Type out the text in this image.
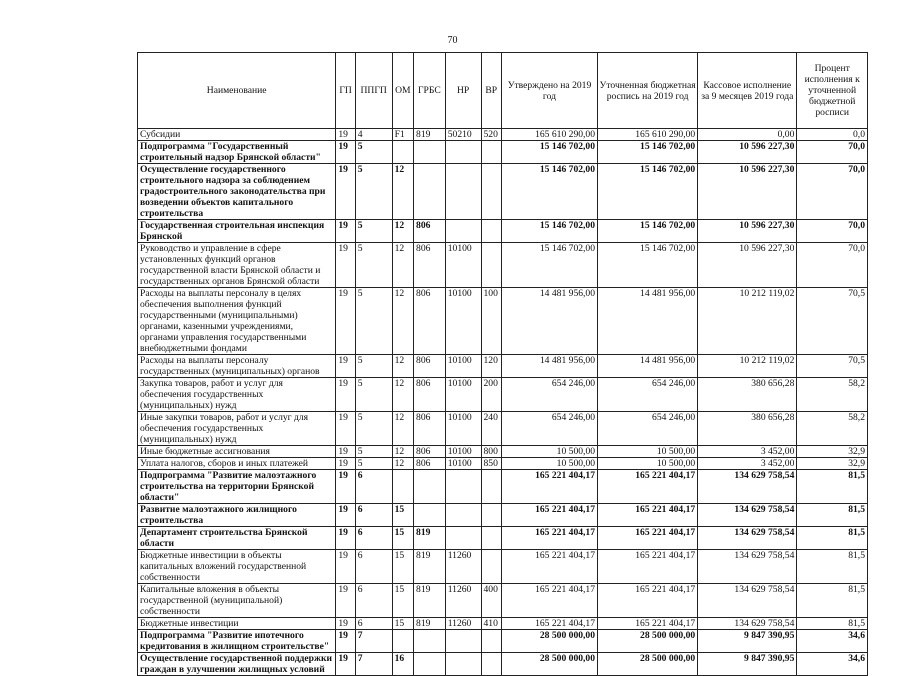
70
Наименование	ГП	ППГП	ОМ	ГРБС	НР	ВР	Утверждено на 2019 год	Уточненная бюджетная роспись на 2019 год	Кассовое исполнение за 9 месяцев 2019 года	Процент исполнения к уточненной бюджетной росписи
Субсидии	19	4	F1	819	50210	520	165 610 290,00	165 610 290,00	0,00	0,0
Подпрограмма "Государственный строительный надзор Брянской области"	19	5					15 146 702,00	15 146 702,00	10 596 227,30	70,0
Осуществление государственного строительного надзора за соблюдением градостроительного законодательства при возведении объектов капитального строительства	19	5	12				15 146 702,00	15 146 702,00	10 596 227,30	70,0
Государственная строительная инспекция Брянской	19	5	12	806			15 146 702,00	15 146 702,00	10 596 227,30	70,0
Руководство и управление в сфере установленных функций органов государственной власти Брянской области и государственных органов Брянской области	19	5	12	806	10100		15 146 702,00	15 146 702,00	10 596 227,30	70,0
Расходы на выплаты персоналу в целях обеспечения выполнения функций государственными (муниципальными) органами, казенными учреждениями, органами управления государственными внебюджетными фондами	19	5	12	806	10100	100	14 481 956,00	14 481 956,00	10 212 119,02	70,5
Расходы на выплаты персоналу государственных (муниципальных) органов	19	5	12	806	10100	120	14 481 956,00	14 481 956,00	10 212 119,02	70,5
Закупка товаров, работ и услуг для обеспечения государственных (муниципальных) нужд	19	5	12	806	10100	200	654 246,00	654 246,00	380 656,28	58,2
Иные закупки товаров, работ и услуг для обеспечения государственных (муниципальных) нужд	19	5	12	806	10100	240	654 246,00	654 246,00	380 656,28	58,2
Иные бюджетные ассигнования	19	5	12	806	10100	800	10 500,00	10 500,00	3 452,00	32,9
Уплата налогов, сборов и иных платежей	19	5	12	806	10100	850	10 500,00	10 500,00	3 452,00	32,9
Подпрограмма "Развитие малоэтажного строительства на территории Брянской области"	19	6					165 221 404,17	165 221 404,17	134 629 758,54	81,5
Развитие малоэтажного жилищного строительства	19	6	15				165 221 404,17	165 221 404,17	134 629 758,54	81,5
Департамент строительства Брянской области	19	6	15	819			165 221 404,17	165 221 404,17	134 629 758,54	81,5
Бюджетные инвестиции в объекты капитальных вложений государственной собственности	19	6	15	819	11260		165 221 404,17	165 221 404,17	134 629 758,54	81,5
Капитальные вложения в объекты государственной (муниципальной) собственности	19	6	15	819	11260	400	165 221 404,17	165 221 404,17	134 629 758,54	81,5
Бюджетные инвестиции	19	6	15	819	11260	410	165 221 404,17	165 221 404,17	134 629 758,54	81,5
Подпрограмма "Развитие ипотечного кредитования в жилищном строительстве"	19	7					28 500 000,00	28 500 000,00	9 847 390,95	34,6
Осуществление государственной поддержки граждан в улучшении жилищных условий	19	7	16				28 500 000,00	28 500 000,00	9 847 390,95	34,6
